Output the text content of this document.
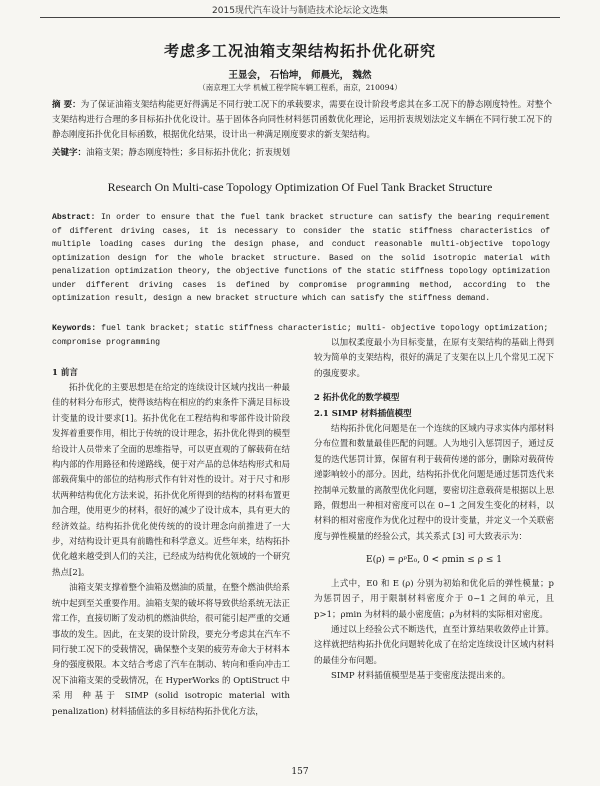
2015现代汽车设计与制造技术论坛论文选集
考虑多工况油箱支架结构拓扑优化研究
王显会， 石怡坤， 师晨光， 魏然
（南京理工大学 机械工程学院车辆工程系，南京，210094）
摘 要：为了保证油箱支架结构能更好得满足不同行驶工况下的承载要求，需要在设计阶段考虑其在多工况下的静态刚度特性。对整个支架结构进行合理的多目标拓扑优化设计。基于固体各向同性材料惩罚函数优化理论，运用折衷规划法定义车辆在不同行驶工况下的静态刚度拓扑优化目标函数，根据优化结果，设计出一种满足刚度要求的新支架结构。
关键字：油箱支架；静态刚度特性；多目标拓扑优化；折衷规划
Research On Multi-case Topology Optimization Of Fuel Tank Bracket Structure
Abstract: In order to ensure that the fuel tank bracket structure can satisfy the bearing requirement of different driving cases, it is necessary to consider the static stiffness characteristics of multiple loading cases during the design phase, and conduct reasonable multi-objective topology optimization design for the whole bracket structure. Based on the solid isotropic material with penalization optimization theory, the objective functions of the static stiffness topology optimization under different driving cases is defined by compromise programming method, according to the optimization result, design a new bracket structure which can satisfy the stiffness demand.
Keywords: fuel tank bracket; static stiffness characteristic; multi- objective topology optimization; compromise programming
1 前言

拓扑优化的主要思想是在给定的连续设计区域内找出一种最佳的材料分布形式，使得该结构在相应的约束条件下满足目标设计变量的设计要求[1]。拓扑优化在工程结构和零部件设计阶段发挥着重要作用，相比于传统的设计理念，拓扑优化得到的模型给设计人员带来了全面的思维指导，可以更直观的了解载荷在结构内部的作用路径和传递路线，便于对产品的总体结构形式和局部载荷集中的部位的结构形式作有针对性的设计。对于尺寸和形状两种结构优化方法来说，拓扑优化所得到的结构的材料布置更加合理，使用更少的材料，很好的减少了设计成本，具有更大的经济效益。结构拓扑优化使传统的的设计理念向前推进了一大步，对结构设计更具有前瞻性和科学意义。近些年来，结构拓扑优化越来越受到人们的关注，已经成为结构优化领域的一个研究热点[2]。

油箱支架支撑着整个油箱及燃油的质量，在整个燃油供给系统中起到至关重要作用。油箱支架的破坏将导致供给系统无法正常工作，直接切断了发动机的燃油供给，很可能引起严重的交通事故的发生。因此，在支架的设计阶段，要充分考虑其在汽车不同行驶工况下的受载情况，确保整个支架的疲劳寿命大于材料本身的强度极限。本文结合考虑了汽车在制动、转向和垂向冲击工况下油箱支架的受载情况，在 HyperWorks 的 OptiStruct 中采用 种基于 SIMP (solid isotropic material with penalization) 材料插值法的多目标结构拓扑优化方法，

以加权柔度最小为目标变量，在原有支架结构的基础上得到较为简单的支架结构，很好的满足了支架在以上几个常见工况下的强度要求。

2 拓扑优化的数学模型
2.1 SIMP 材料插值模型

结构拓扑优化问题是在一个连续的区域内寻求实体内部材料分布位置和数量最佳匹配的问题。人为地引入惩罚因子，通过反复的迭代惩罚计算，保留有利于载荷传递的部分，删除对载荷传递影响较小的部分。因此，结构拓扑优化问题是通过惩罚迭代来控制单元数量的离散型优化问题，要密切注意载荷是根据以上思路，假想出一种相对密度可以在 0~1 之间发生变化的材料，以材料的相对密度作为优化过程中的设计变量，并定义一个关联密度与弹性模量的经验公式，其关系式 [3] 可大致表示为：

E(ρ) = ρᵖE₀, 0 < ρmin ≤ ρ ≤ 1

上式中，E0 和 E (ρ) 分别为初始和优化后的弹性模量；p 为惩罚因子，用于限制材料密度介于 0~1 之间的单元，且 p>1；ρmin 为材料的最小密度值；ρ为材料的实际相对密度。

通过以上经验公式不断迭代，直至计算结果收敛停止计算。这样就把结构拓扑优化问题转化成了在给定连续设计区域内材料的最佳分布问题。

SIMP 材料插值模型是基于变密度法提出来的。

157
